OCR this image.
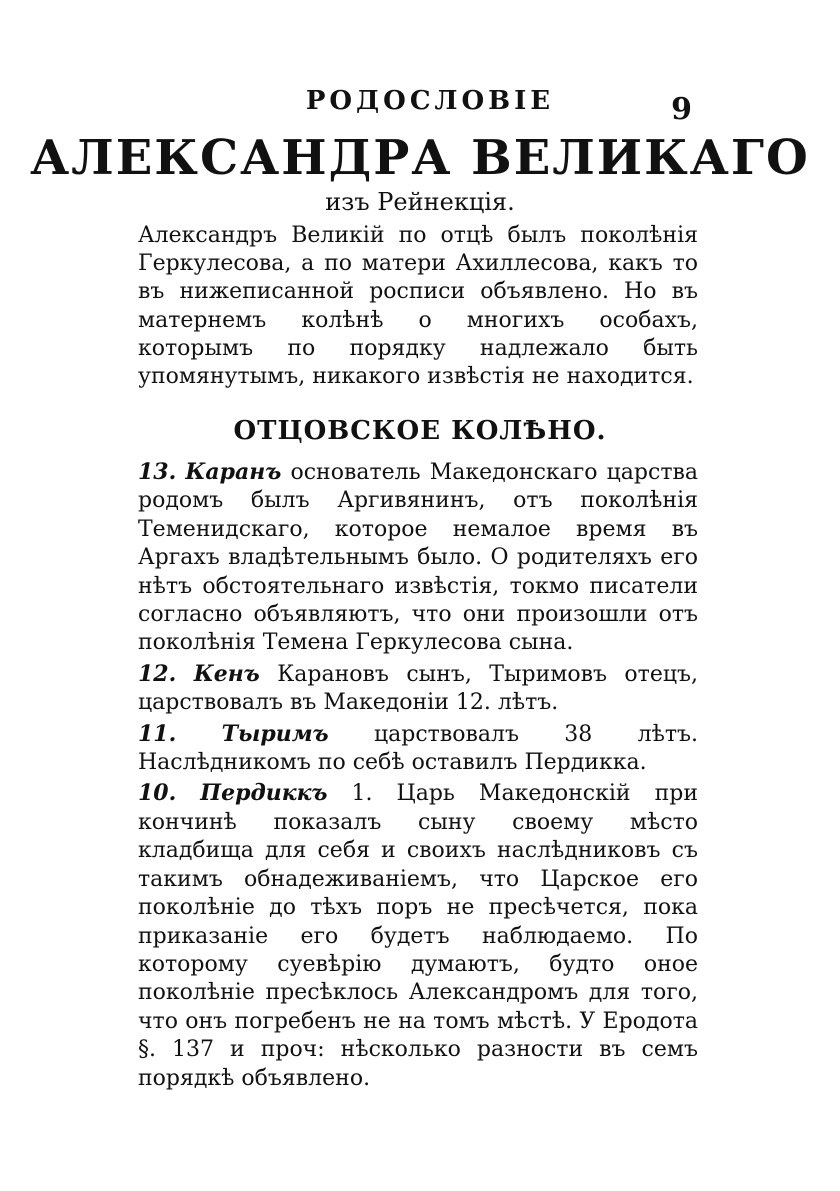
РОДОСЛОВІЕ	9
АЛЕКСАНДРА ВЕЛИКАГО
изъ Рейнекція.

Александръ Великій по отцѣ былъ поколѣнія Геркулесова, а по матери Ахиллесова, какъ то въ нижеписанной росписи объявлено. Но въ матернемъ колѣнѣ о многихъ особахъ, которымъ по порядку надлежало быть упомянутымъ, никакого извѣстія не находится.

ОТЦОВСКОЕ КОЛѢНО.

13. Каранъ основатель Македонскаго царства родомъ былъ Аргивянинъ, отъ поколѣнія Теменидскаго, которое немалое время въ Аргахъ владѣтельнымъ было. О родителяхъ его нѣтъ обстоятельнаго извѣстія, токмо писатели согласно объявляютъ, что они произошли отъ поколѣнія Темена Геркулесова сына.

12. Кенъ Карановъ сынъ, Тыримовъ отецъ, царствовалъ въ Македоніи 12. лѣтъ.

11. Тыримъ царствовалъ 38 лѣтъ. Наслѣдникомъ по себѣ оставилъ Пердикка.

10. Пердиккъ 1. Царь Македонскій при кончинѣ показалъ сыну своему мѣсто кладбища для себя и своихъ наслѣдниковъ съ такимъ обнадеживаніемъ, что Царское его поколѣніе до тѣхъ поръ не пресѣчется, пока приказаніе его будетъ наблюдаемо. По которому суевѣрію думаютъ, будто оное поколѣніе пресѣклось Александромъ для того, что онъ погребенъ не на томъ мѣстѣ. У Еродота §. 137 и проч: нѣсколько разности въ семъ порядкѣ объявлено.
